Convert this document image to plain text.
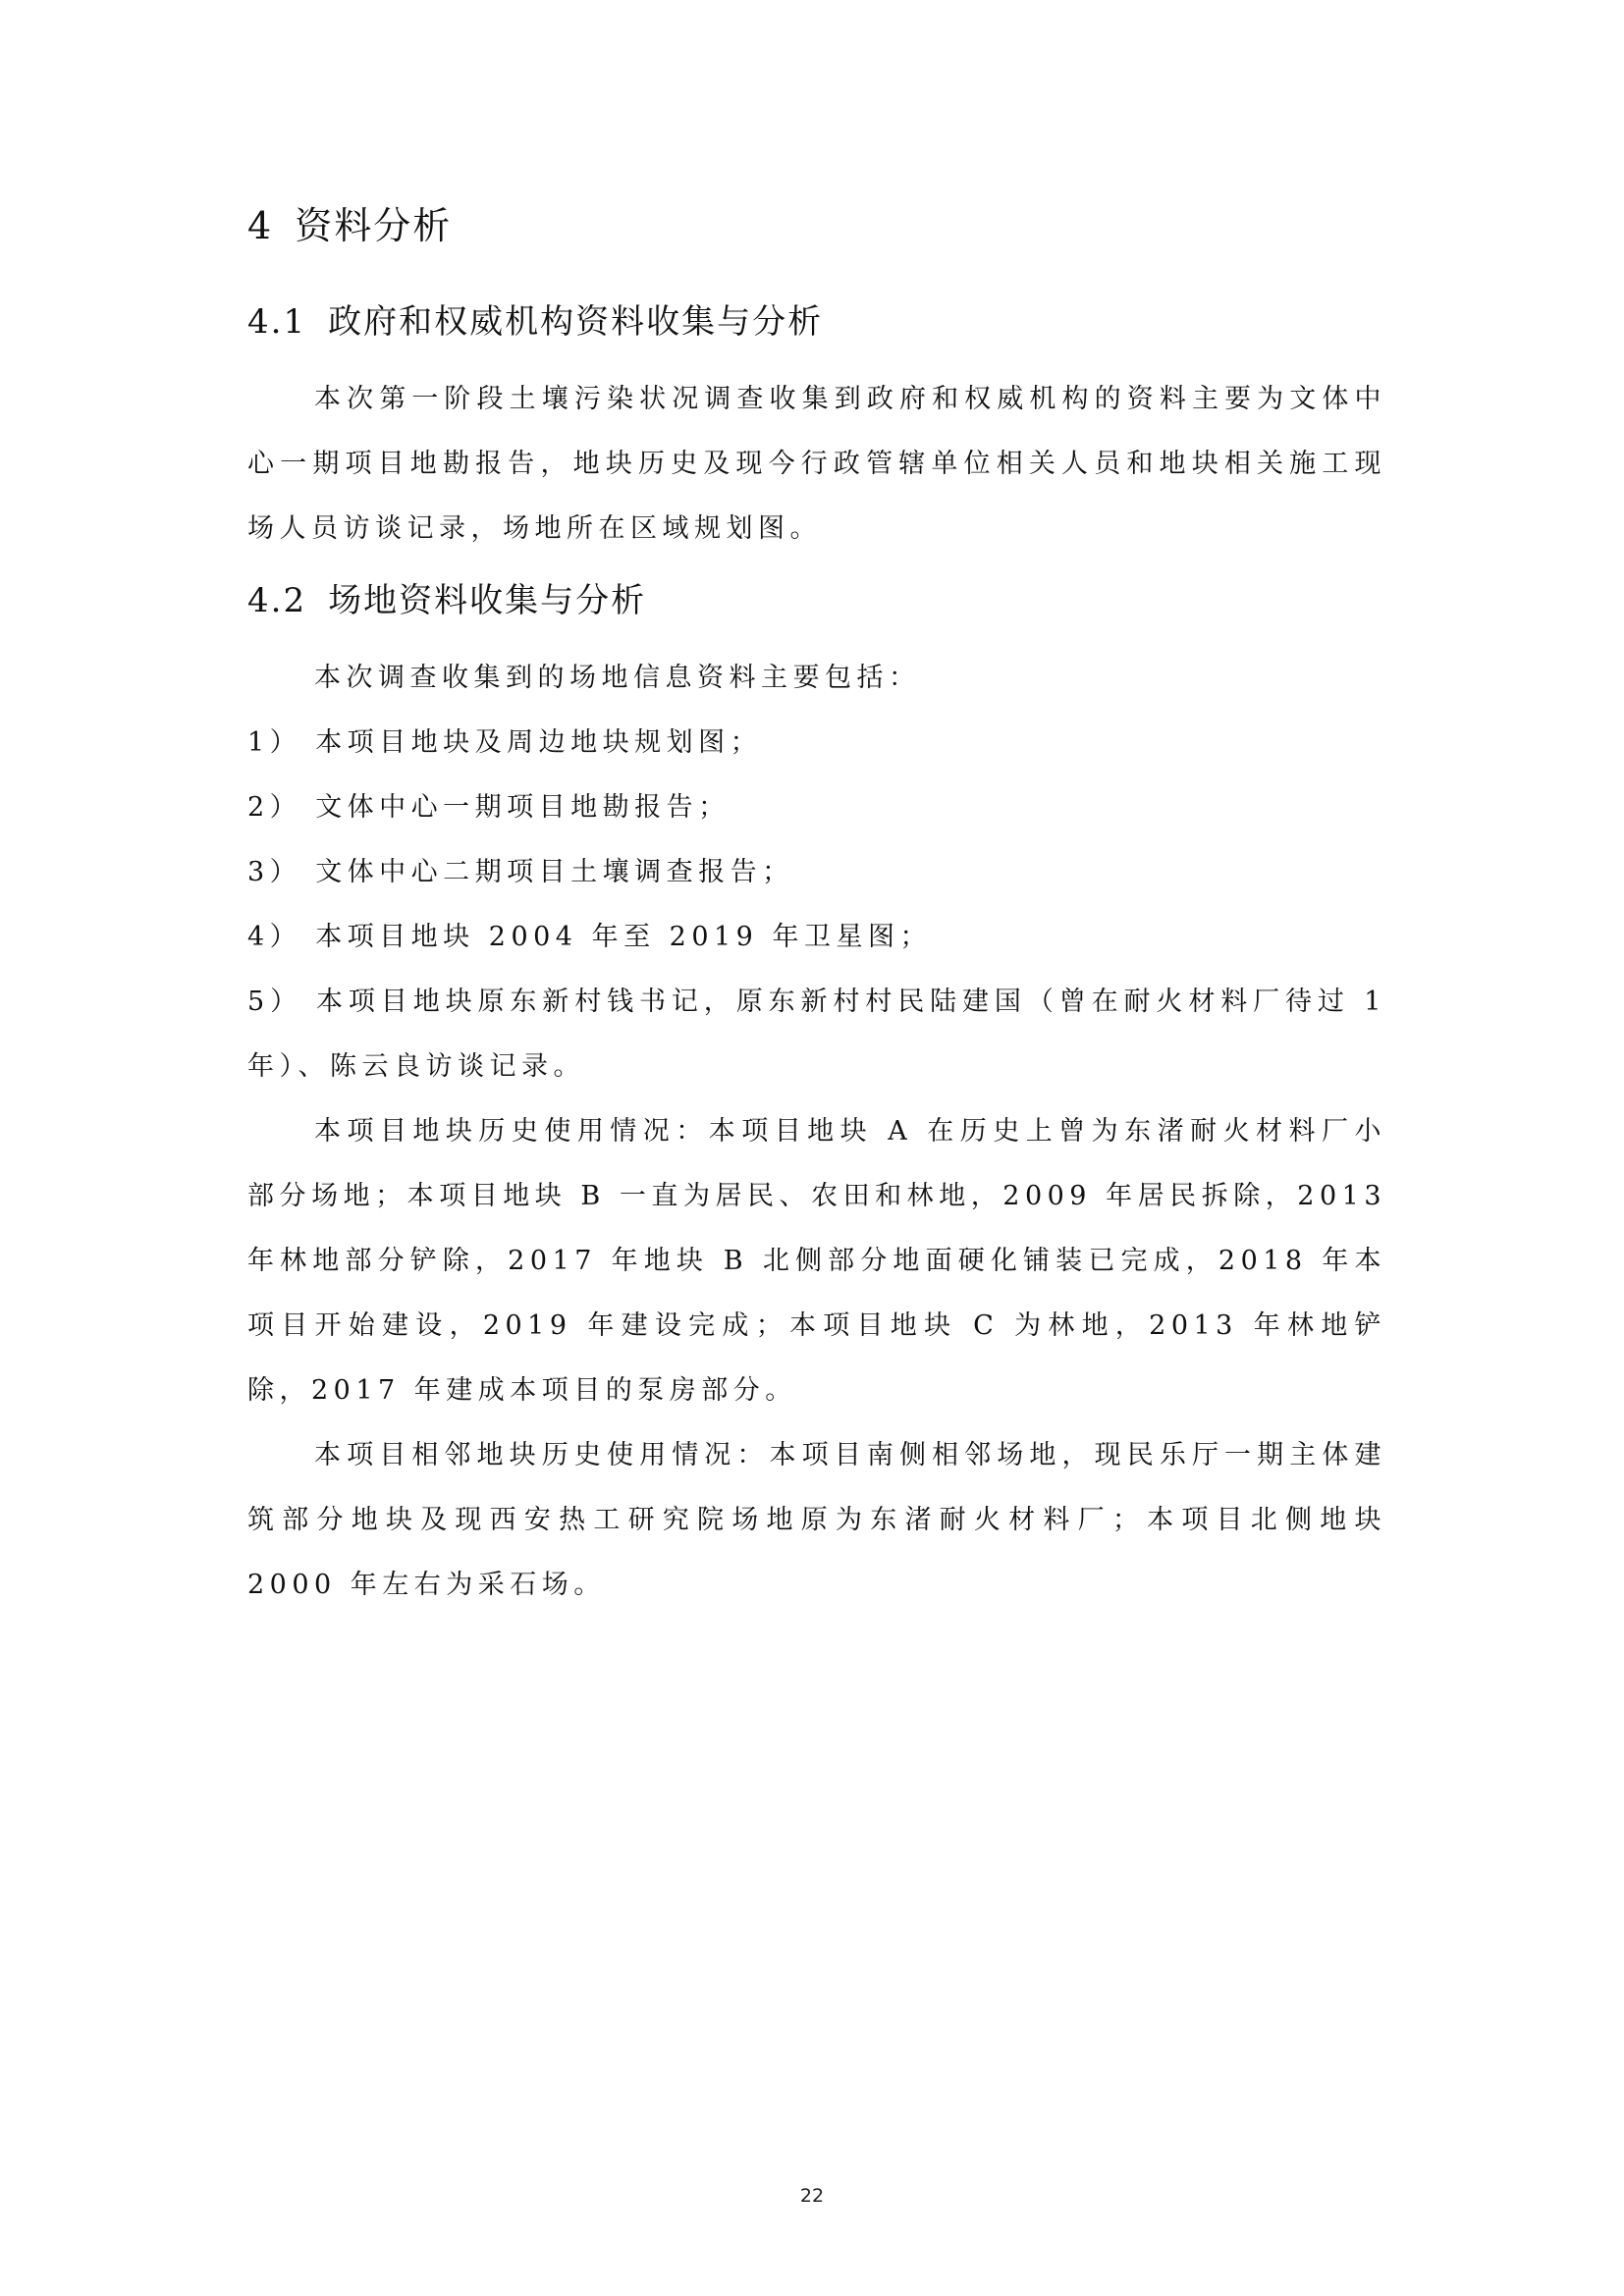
4 资料分析
4.1 政府和权威机构资料收集与分析

本次第一阶段土壤污染状况调查收集到政府和权威机构的资料主要为文体中心一期项目地勘报告，地块历史及现今行政管辖单位相关人员和地块相关施工现场人员访谈记录，场地所在区域规划图。

4.2 场地资料收集与分析

本次调查收集到的场地信息资料主要包括：

1） 本项目地块及周边地块规划图；
2） 文体中心一期项目地勘报告；
3） 文体中心二期项目土壤调查报告；
4） 本项目地块 2004 年至 2019 年卫星图；
5） 本项目地块原东新村钱书记，原东新村村民陆建国（曾在耐火材料厂待过 1 年）、陈云良访谈记录。

本项目地块历史使用情况：本项目地块 A 在历史上曾为东渚耐火材料厂小部分场地；本项目地块 B 一直为居民、农田和林地，2009 年居民拆除，2013 年林地部分铲除，2017 年地块 B 北侧部分地面硬化铺装已完成，2018 年本项目开始建设，2019 年建设完成；本项目地块 C 为林地，2013 年林地铲除，2017 年建成本项目的泵房部分。

本项目相邻地块历史使用情况：本项目南侧相邻场地，现民乐厅一期主体建筑部分地块及现西安热工研究院场地原为东渚耐火材料厂；本项目北侧地块 2000 年左右为采石场。

22
